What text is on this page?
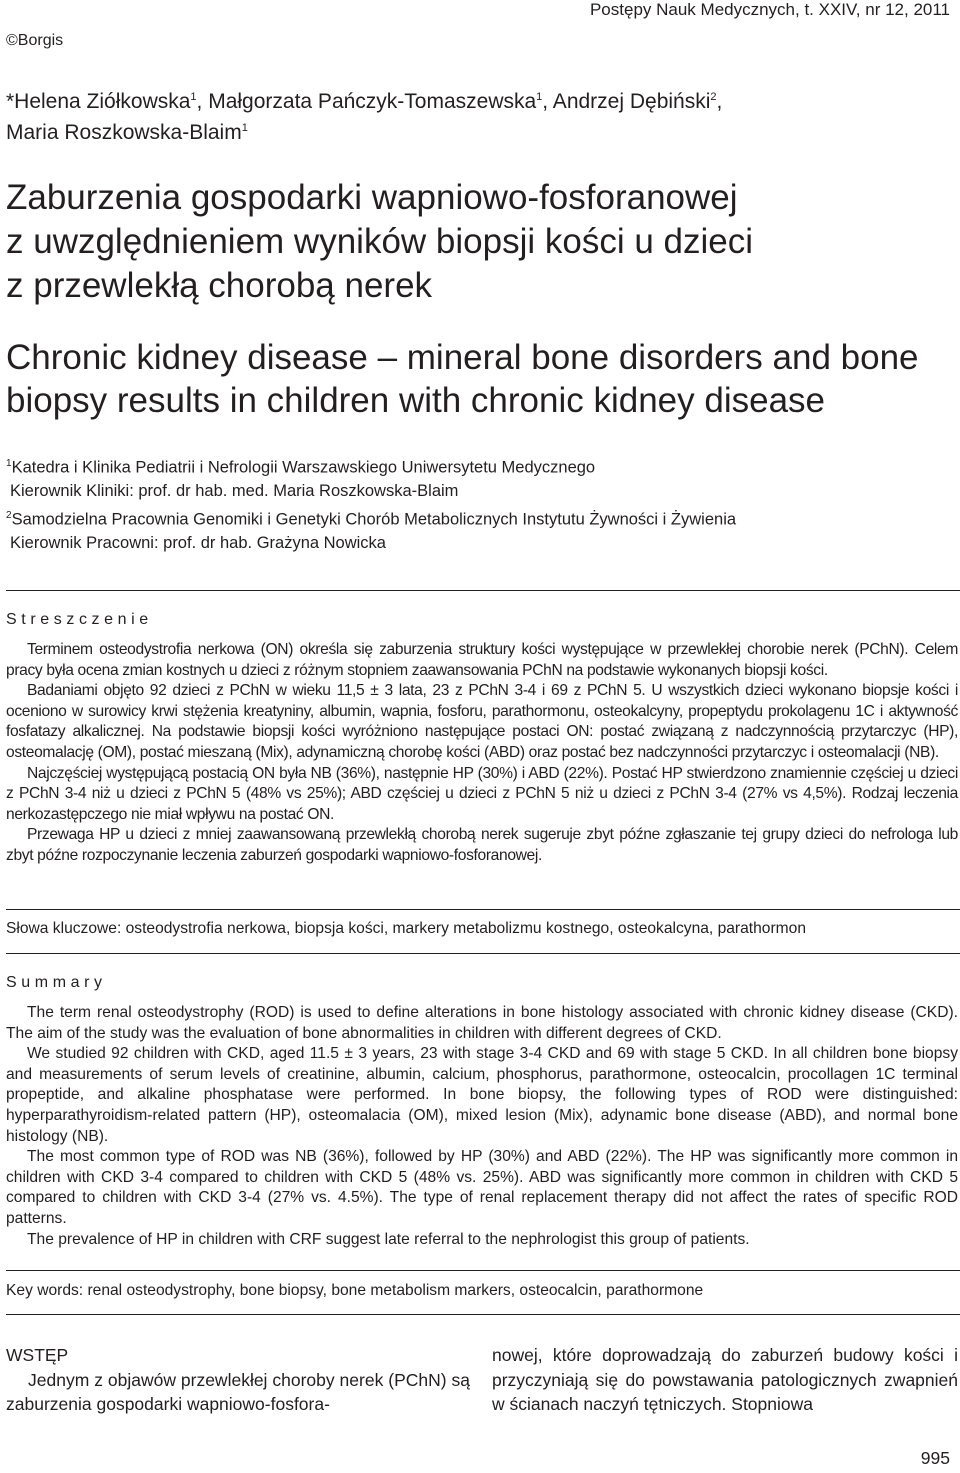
Postępy Nauk Medycznych, t. XXIV, nr 12, 2011
©Borgis
*Helena Ziółkowska$^1$, Małgorzata Pańczyk-Tomaszewska$^1$, Andrzej Dębiński$^2$,
Maria Roszkowska-Blaim$^1$
Zaburzenia gospodarki wapniowo-fosforanowej
z uwzględnieniem wyników biopsji kości u dzieci
z przewlekłą chorobą nerek
Chronic kidney disease – mineral bone disorders and bone
biopsy results in children with chronic kidney disease
$^1$Katedra i Klinika Pediatrii i Nefrologii Warszawskiego Uniwersytetu Medycznego
Kierownik Kliniki: prof. dr hab. med. Maria Roszkowska-Blaim
$^2$Samodzielna Pracownia Genomiki i Genetyki Chorób Metabolicznych Instytutu Żywności i Żywienia
Kierownik Pracowni: prof. dr hab. Grażyna Nowicka
Streszczenie

Terminem osteodystrofia nerkowa (ON) określa się zaburzenia struktury kości występujące w przewlekłej chorobie nerek (PChN). Celem pracy była ocena zmian kostnych u dzieci z różnym stopniem zaawansowania PChN na podstawie wykonanych biopsji kości.

Badaniami objęto 92 dzieci z PChN w wieku 11,5 ± 3 lata, 23 z PChN 3-4 i 69 z PChN 5. U wszystkich dzieci wykonano biopsje kości i oceniono w surowicy krwi stężenia kreatyniny, albumin, wapnia, fosforu, parathormonu, osteokalcyny, propeptydu prokolagenu 1C i aktywność fosfatazy alkalicznej. Na podstawie biopsji kości wyróżniono następujące postaci ON: postać związaną z nadczynnością przytarczyc (HP), osteomalację (OM), postać mieszaną (Mix), adynamiczną chorobę kości (ABD) oraz postać bez nadczynności przytarczyc i osteomalacji (NB).

Najczęściej występującą postacią ON była NB (36%), następnie HP (30%) i ABD (22%). Postać HP stwierdzono znamiennie częściej u dzieci z PChN 3-4 niż u dzieci z PChN 5 (48% vs 25%); ABD częściej u dzieci z PChN 5 niż u dzieci z PChN 3-4 (27% vs 4,5%). Rodzaj leczenia nerkozastępczego nie miał wpływu na postać ON.

Przewaga HP u dzieci z mniej zaawansowaną przewlekłą chorobą nerek sugeruje zbyt późne zgłaszanie tej grupy dzieci do nefrologa lub zbyt późne rozpoczynanie leczenia zaburzeń gospodarki wapniowo-fosforanowej.

Słowa kluczowe: osteodystrofia nerkowa, biopsja kości, markery metabolizmu kostnego, osteokalcyna, parathormon
Summary

The term renal osteodystrophy (ROD) is used to define alterations in bone histology associated with chronic kidney disease (CKD). The aim of the study was the evaluation of bone abnormalities in children with different degrees of CKD.

We studied 92 children with CKD, aged 11.5 ± 3 years, 23 with stage 3-4 CKD and 69 with stage 5 CKD. In all children bone biopsy and measurements of serum levels of creatinine, albumin, calcium, phosphorus, parathormone, osteocalcin, procollagen 1C terminal propeptide, and alkaline phosphatase were performed. In bone biopsy, the following types of ROD were distinguished: hyperparathyroidism-related pattern (HP), osteomalacia (OM), mixed lesion (Mix), adynamic bone disease (ABD), and normal bone histology (NB).

The most common type of ROD was NB (36%), followed by HP (30%) and ABD (22%). The HP was significantly more common in children with CKD 3-4 compared to children with CKD 5 (48% vs. 25%). ABD was significantly more common in children with CKD 5 compared to children with CKD 3-4 (27% vs. 4.5%). The type of renal replacement therapy did not affect the rates of specific ROD patterns.

The prevalence of HP in children with CRF suggest late referral to the nephrologist this group of patients.

Key words: renal osteodystrophy, bone biopsy, bone metabolism markers, osteocalcin, parathormone

WSTĘP

Jednym z objawów przewlekłej choroby nerek (PChN) są zaburzenia gospodarki wapniowo-fosfora-

nowej, które doprowadzają do zaburzeń budowy kości i przyczyniają się do powstawania patologicznych zwapnień w ścianach naczyń tętniczych. Stopniowa

995
